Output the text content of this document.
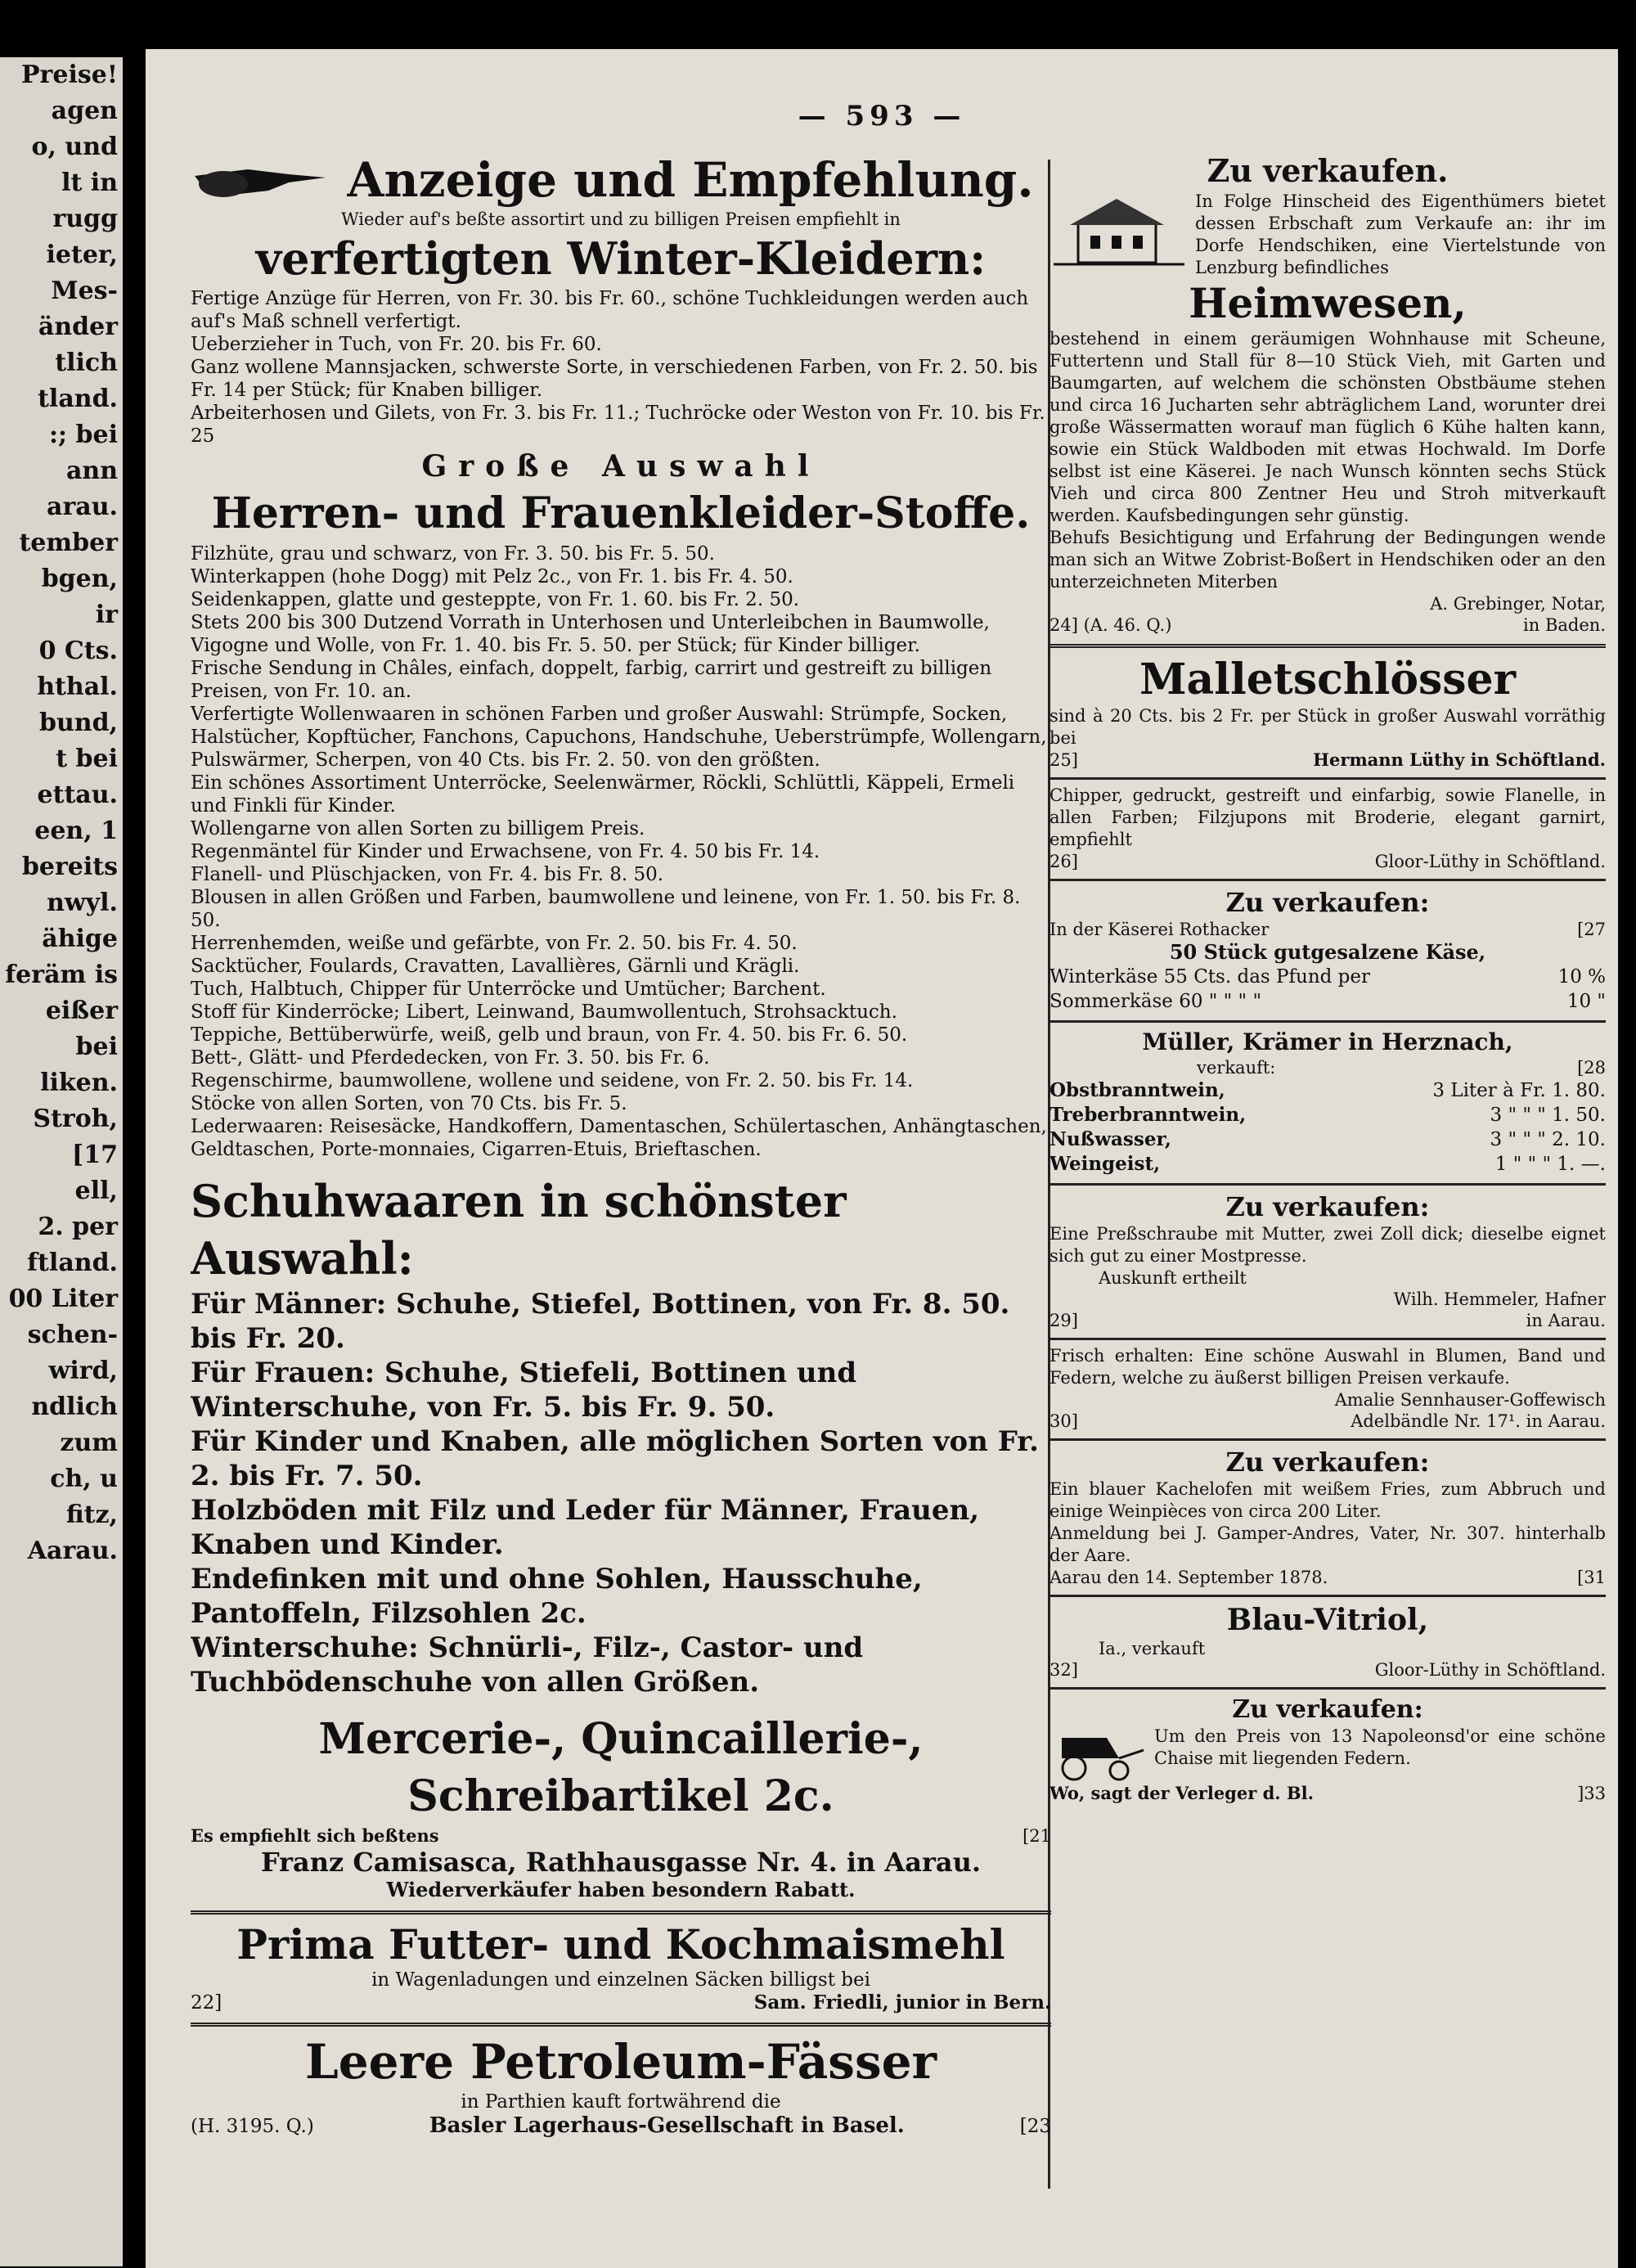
Preise!
agen
o, und
lt in
rugg
ieter,
Mes-
änder
tlich
tland.
:; bei
ann
arau.
tember
bgen,
ir
0 Cts.
hthal.
bund,
t bei
ettau.
een, 1
bereits
nwyl.
ähige
feräm is
eißer
bei
liken.
Stroh,
[17
ell,
2. per
ftland.
00 Liter
schen-
wird,
ndlich
zum
ch, u
fitz,
Aarau.
— 593 —

Anzeige und Empfehlung.

Wieder auf's beßte assortirt und zu billigen Preisen empfiehlt in

verfertigten Winter-Kleidern:

Fertige Anzüge für Herren, von Fr. 30. bis Fr. 60., schöne Tuchkleidungen werden auch auf's Maß schnell verfertigt.

Ueberzieher in Tuch, von Fr. 20. bis Fr. 60.

Ganz wollene Mannsjacken, schwerste Sorte, in verschiedenen Farben, von Fr. 2. 50. bis Fr. 14 per Stück; für Knaben billiger.

Arbeiterhosen und Gilets, von Fr. 3. bis Fr. 11.; Tuchröcke oder Weston von Fr. 10. bis Fr. 25

Große Auswahl

Herren- und Frauenkleider-Stoffe.

Filzhüte, grau und schwarz, von Fr. 3. 50. bis Fr. 5. 50.

Winterkappen (hohe Dogg) mit Pelz 2c., von Fr. 1. bis Fr. 4. 50.

Seidenkappen, glatte und gesteppte, von Fr. 1. 60. bis Fr. 2. 50.

Stets 200 bis 300 Dutzend Vorrath in Unterhosen und Unterleibchen in Baumwolle, Vigogne und Wolle, von Fr. 1. 40. bis Fr. 5. 50. per Stück; für Kinder billiger.

Frische Sendung in Châles, einfach, doppelt, farbig, carrirt und gestreift zu billigen Preisen, von Fr. 10. an.

Verfertigte Wollenwaaren in schönen Farben und großer Auswahl: Strümpfe, Socken, Halstücher, Kopftücher, Fanchons, Capuchons, Handschuhe, Ueberstrümpfe, Wollengarn, Pulswärmer, Scherpen, von 40 Cts. bis Fr. 2. 50. von den größten.

Ein schönes Assortiment Unterröcke, Seelenwärmer, Röckli, Schlüttli, Käppeli, Ermeli und Finkli für Kinder.

Wollengarne von allen Sorten zu billigem Preis.

Regenmäntel für Kinder und Erwachsene, von Fr. 4. 50 bis Fr. 14.

Flanell- und Plüschjacken, von Fr. 4. bis Fr. 8. 50.

Blousen in allen Größen und Farben, baumwollene und leinene, von Fr. 1. 50. bis Fr. 8. 50.

Herrenhemden, weiße und gefärbte, von Fr. 2. 50. bis Fr. 4. 50.

Sacktücher, Foulards, Cravatten, Lavallières, Gärnli und Krägli.

Tuch, Halbtuch, Chipper für Unterröcke und Umtücher; Barchent.

Stoff für Kinderröcke; Libert, Leinwand, Baumwollentuch, Strohsacktuch.

Teppiche, Bettüberwürfe, weiß, gelb und braun, von Fr. 4. 50. bis Fr. 6. 50.

Bett-, Glätt- und Pferdedecken, von Fr. 3. 50. bis Fr. 6.

Regenschirme, baumwollene, wollene und seidene, von Fr. 2. 50. bis Fr. 14.

Stöcke von allen Sorten, von 70 Cts. bis Fr. 5.

Lederwaaren: Reisesäcke, Handkoffern, Damentaschen, Schülertaschen, Anhängtaschen, Geldtaschen, Porte-monnaies, Cigarren-Etuis, Brieftaschen.

Schuhwaaren in schönster Auswahl:

Für Männer: Schuhe, Stiefel, Bottinen, von Fr. 8. 50. bis Fr. 20.

Für Frauen: Schuhe, Stiefeli, Bottinen und Winterschuhe, von Fr. 5. bis Fr. 9. 50.

Für Kinder und Knaben, alle möglichen Sorten von Fr. 2. bis Fr. 7. 50.

Holzböden mit Filz und Leder für Männer, Frauen, Knaben und Kinder.

Endefinken mit und ohne Sohlen, Hausschuhe, Pantoffeln, Filzsohlen 2c.

Winterschuhe: Schnürli-, Filz-, Castor- und Tuchbödenschuhe von allen Größen.

Mercerie-, Quincaillerie-, Schreibartikel 2c.

Es empfiehlt sich beßtens	[21

Franz Camisasca, Rathhausgasse Nr. 4. in Aarau.

Wiederverkäufer haben besondern Rabatt.

Prima Futter- und Kochmaismehl

in Wagenladungen und einzelnen Säcken billigst bei

22]	Sam. Friedli, junior in Bern.

Leere Petroleum-Fässer

in Parthien kauft fortwährend die

(H. 3195. Q.)	Basler Lagerhaus-Gesellschaft in Basel.	[23

Zu verkaufen.

In Folge Hinscheid des Eigenthümers bietet dessen Erbschaft zum Verkaufe an: ihr im Dorfe Hendschiken, eine Viertelstunde von Lenzburg befindliches

Heimwesen,

bestehend in einem geräumigen Wohnhause mit Scheune, Futtertenn und Stall für 8—10 Stück Vieh, mit Garten und Baumgarten, auf welchem die schönsten Obstbäume stehen und circa 16 Jucharten sehr abträglichem Land, worunter drei große Wässermatten worauf man füglich 6 Kühe halten kann, sowie ein Stück Waldboden mit etwas Hochwald. Im Dorfe selbst ist eine Käserei. Je nach Wunsch könnten sechs Stück Vieh und circa 800 Zentner Heu und Stroh mitverkauft werden. Kaufsbedingungen sehr günstig.

Behufs Besichtigung und Erfahrung der Bedingungen wende man sich an Witwe Zobrist-Boßert in Hendschiken oder an den unterzeichneten Miterben

A. Grebinger, Notar,

24] (A. 46. Q.)	in Baden.

Malletschlösser

sind à 20 Cts. bis 2 Fr. per Stück in großer Auswahl vorräthig bei

25]	Hermann Lüthy in Schöftland.

Chipper, gedruckt, gestreift und einfarbig, sowie Flanelle, in allen Farben; Filzjupons mit Broderie, elegant garnirt, empfiehlt

26]	Gloor-Lüthy in Schöftland.

Zu verkaufen:

In der Käserei Rothacker	[27

50 Stück gutgesalzene Käse,

Winterkäse 55 Cts. das Pfund per	10 %
Sommerkäse 60 " " " "	10 "

Müller, Krämer in Herznach,

verkauft:	[28
Obstbranntwein,	3 Liter à Fr. 1. 80.
Treberbranntwein,	3 " " " 1. 50.
Nußwasser,	3 " " " 2. 10.
Weingeist,	1 " " " 1. —.

Zu verkaufen:

Eine Preßschraube mit Mutter, zwei Zoll dick; dieselbe eignet sich gut zu einer Mostpresse.

Auskunft ertheilt

Wilh. Hemmeler, Hafner

29]	in Aarau.

Frisch erhalten: Eine schöne Auswahl in Blumen, Band und Federn, welche zu äußerst billigen Preisen verkaufe.

Amalie Sennhauser-Goffewisch

30]	Adelbändle Nr. 17¹. in Aarau.

Zu verkaufen:

Ein blauer Kachelofen mit weißem Fries, zum Abbruch und einige Weinpièces von circa 200 Liter.

Anmeldung bei J. Gamper-Andres, Vater, Nr. 307. hinterhalb der Aare.

Aarau den 14. September 1878.	[31

Blau-Vitriol,

Ia., verkauft

32]	Gloor-Lüthy in Schöftland.

Zu verkaufen:

Um den Preis von 13 Napoleonsd'or eine schöne Chaise mit liegenden Federn.

Wo, sagt der Verleger d. Bl.	]33
